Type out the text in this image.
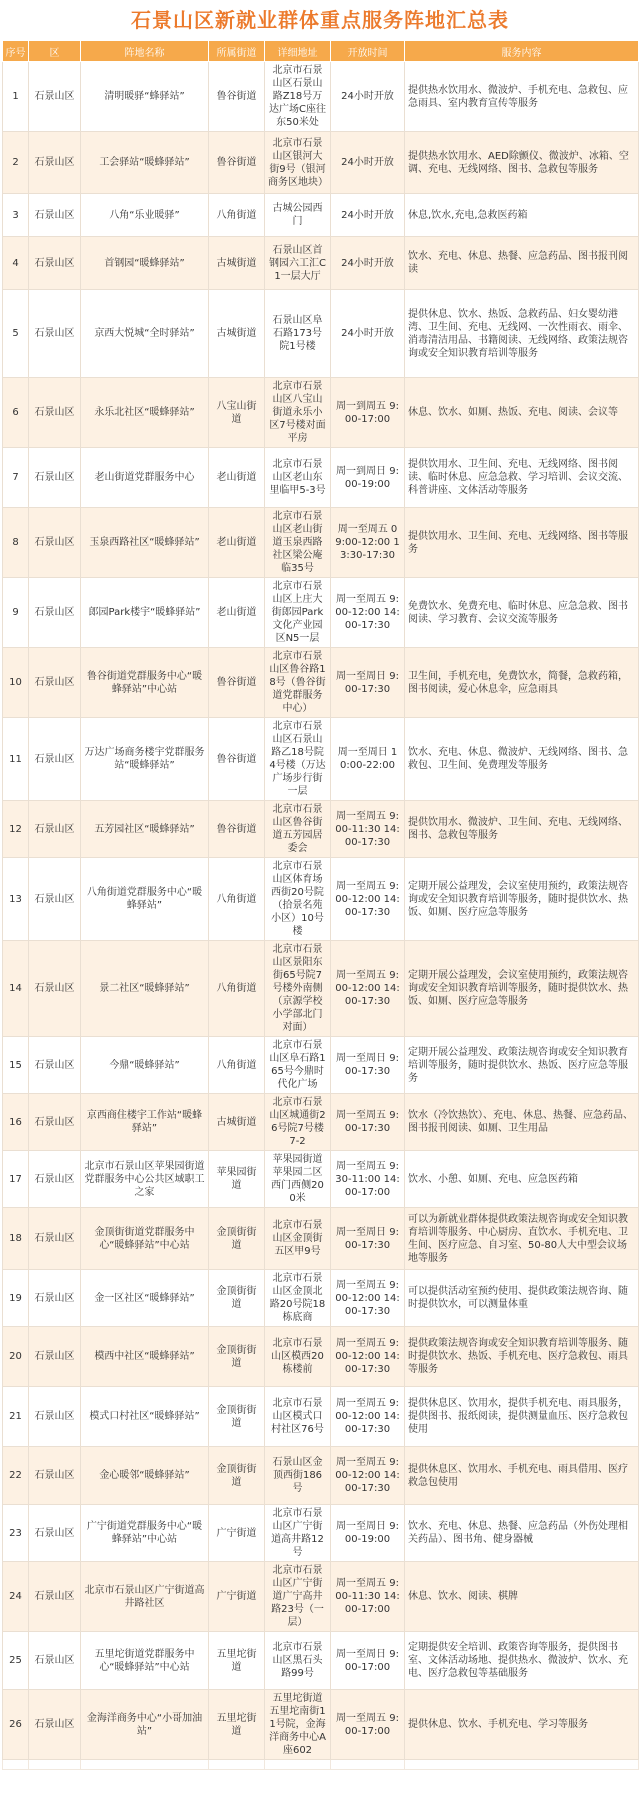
石景山区新就业群体重点服务阵地汇总表
序号	区	阵地名称	所属街道	详细地址	开放时间	服务内容
1	石景山区	清明暖驿“蜂驿站”	鲁谷街道	北京市石景山区石景山路Z18号万达广场C座往东50米处	24小时开放	提供热水饮用水、微波炉、手机充电、急救包、应急雨具、室内教育宣传等服务
2	石景山区	工会驿站“暖蜂驿站”	鲁谷街道	北京市石景山区银河大街9号（银河商务区地块）	24小时开放	提供热水饮用水、AED除颤仪、微波炉、冰箱、空调、充电、无线网络、图书、急救包等服务
3	石景山区	八角“乐业暖驿”	八角街道	古城公园西门	24小时开放	休息,饮水,充电,急救医药箱
4	石景山区	首钢园“暖蜂驿站”	古城街道	石景山区首钢园六工汇C1一层大厅	24小时开放	饮水、充电、休息、热餐、应急药品、图书报刊阅读
5	石景山区	京西大悦城“全时驿站”	古城街道	石景山区阜石路173号院1号楼	24小时开放	提供休息、饮水、热饭、急救药品、妇女婴幼港湾、卫生间、充电、无线网、一次性雨衣、雨伞、消毒清洁用品、书籍阅读、无线网络、政策法规咨询或安全知识教育培训等服务
6	石景山区	永乐北社区“暖蜂驿站”	八宝山街道	北京市石景山区八宝山街道永乐小区7号楼对面平房	周一到周五 9:00-17:00	休息、饮水、如厕、热饭、充电、阅读、会议等
7	石景山区	老山街道党群服务中心	老山街道	北京市石景山区老山东里临甲5-3号	周一到周日 9:00-19:00	提供饮用水、卫生间、充电、无线网络、图书阅读、临时休息、应急急救、学习培训、会议交流、科普讲座、文体活动等服务
8	石景山区	玉泉西路社区“暖蜂驿站”	老山街道	北京市石景山区老山街道玉泉西路社区梁公庵临35号	周一至周五 09:00-12:00 13:30-17:30	提供饮用水、卫生间、充电、无线网络、图书等服务
9	石景山区	郎园Park楼宇“暖蜂驿站”	老山街道	北京市石景山区上庄大街郎园Park文化产业园区N5一层	周一至周五 9:00-12:00 14:00-17:30	免费饮水、免费充电、临时休息、应急急救、图书阅读、学习教育、会议交流等服务
10	石景山区	鲁谷街道党群服务中心“暖蜂驿站”中心站	鲁谷街道	北京市石景山区鲁谷路18号（鲁谷街道党群服务中心）	周一至周日 9:00-17:30	卫生间，手机充电，免费饮水，简餐，急救药箱，图书阅读，爱心休息伞，应急雨具
11	石景山区	万达广场商务楼宇党群服务站“暖蜂驿站”	鲁谷街道	北京市石景山区石景山路乙18号院4号楼（万达广场步行街一层	周一至周日 10:00-22:00	饮水、充电、休息、微波炉、无线网络、图书、急救包、卫生间、免费理发等服务
12	石景山区	五芳园社区“暖蜂驿站”	鲁谷街道	北京市石景山区鲁谷街道五芳园居委会	周一至周五 9:00-11:30 14:00-17:30	提供饮用水、微波炉、卫生间、充电、无线网络、图书、急救包等服务
13	石景山区	八角街道党群服务中心“暖蜂驿站”	八角街道	北京市石景山区体育场西街20号院（拾景名苑小区）10号楼	周一至周五 9:00-12:00 14:00-17:30	定期开展公益理发，会议室使用预约，政策法规咨询或安全知识教育培训等服务，随时提供饮水、热饭、如厕、医疗应急等服务
14	石景山区	景二社区“暖蜂驿站”	八角街道	北京市石景山区景阳东街65号院7号楼外南侧（京源学校小学部北门对面）	周一至周五 9:00-12:00 14:00-17:30	定期开展公益理发，会议室使用预约，政策法规咨询或安全知识教育培训等服务，随时提供饮水、热饭、如厕、医疗应急等服务
15	石景山区	今鼎“暖蜂驿站”	八角街道	北京市石景山区阜石路165号今鼎时代化广场	周一至周日 9:00-17:30	定期开展公益理发、政策法规咨询或安全知识教育培训等服务，随时提供饮水、热饭、医疗应急等服务
16	石景山区	京西商住楼宇工作站“暖蜂驿站”	古城街道	北京市石景山区城通街26号院7号楼7-2	周一至周五 9:00-17:30	饮水（冷饮热饮）、充电、休息、热餐、应急药品、图书报刊阅读、如厕、卫生用品
17	石景山区	北京市石景山区苹果园街道党群服务中心公共区域职工之家	苹果园街道	苹果园街道苹果园二区西门西侧200米	周一至周五 9:30-11:00 14:00-17:00	饮水、小憩、如厕、充电、应急医药箱
18	石景山区	金顶街街道党群服务中心“暖蜂驿站”中心站	金顶街街道	北京市石景山区金顶街五区甲9号	周一至周日 9:00-17:30	可以为新就业群体提供政策法规咨询或安全知识教育培训等服务、中心厨房、直饮水、手机充电、卫生间、医疗应急、自习室、50-80人大中型会议场地等服务
19	石景山区	金一区社区“暖蜂驿站”	金顶街街道	北京市石景山区金顶北路20号院18栋底商	周一至周五 9:00-12:00 14:00-17:30	可以提供活动室预约使用、提供政策法规咨询、随时提供饮水，可以测量体重
20	石景山区	模西中社区“暖蜂驿站”	金顶街街道	北京市石景山区模西20栋楼前	周一至周五 9:00-12:00 14:00-17:30	提供政策法规咨询或安全知识教育培训等服务、随时提供饮水、热饭、手机充电、医疗急救包、雨具等服务
21	石景山区	模式口村社区“暖蜂驿站”	金顶街街道	北京市石景山区模式口村社区76号	周一至周五 9:00-12:00 14:00-17:30	提供休息区、饮用水，提供手机充电、雨具服务，提供图书、报纸阅读，提供测量血压、医疗急救包使用
22	石景山区	金心暖邻“暖蜂驿站”	金顶街街道	石景山区金顶西街186号	周一至周五 9:00-12:00 14:00-17:30	提供休息区、饮用水、手机充电、雨具借用、医疗救急包使用
23	石景山区	广宁街道党群服务中心“暖蜂驿站”中心站	广宁街道	北京市石景山区广宁街道高井路12号	周一至周日 9:00-19:00	饮水、充电、休息、热餐、应急药品（外伤处理相关药品）、图书角、健身器械
24	石景山区	北京市石景山区广宁街道高井路社区	广宁街道	北京市石景山区广宁街道广宁高井路23号（一层）	周一至周五 9:00-11:30 14:00-17:00	休息、饮水、阅读、棋牌
25	石景山区	五里坨街道党群服务中心“暖蜂驿站”中心站	五里坨街道	北京市石景山区黑石头路99号	周一至周日 9:00-17:00	定期提供安全培训、政策咨询等服务，提供图书室、文体活动场地、提供热水、微波炉、饮水、充电、医疗急救包等基础服务
26	石景山区	金海洋商务中心“小哥加油站”	五里坨街道	五里坨街道五里坨南街11号院，金海洋商务中心A座602	周一至周五 9:00-17:00	提供休息、饮水、手机充电、学习等服务
